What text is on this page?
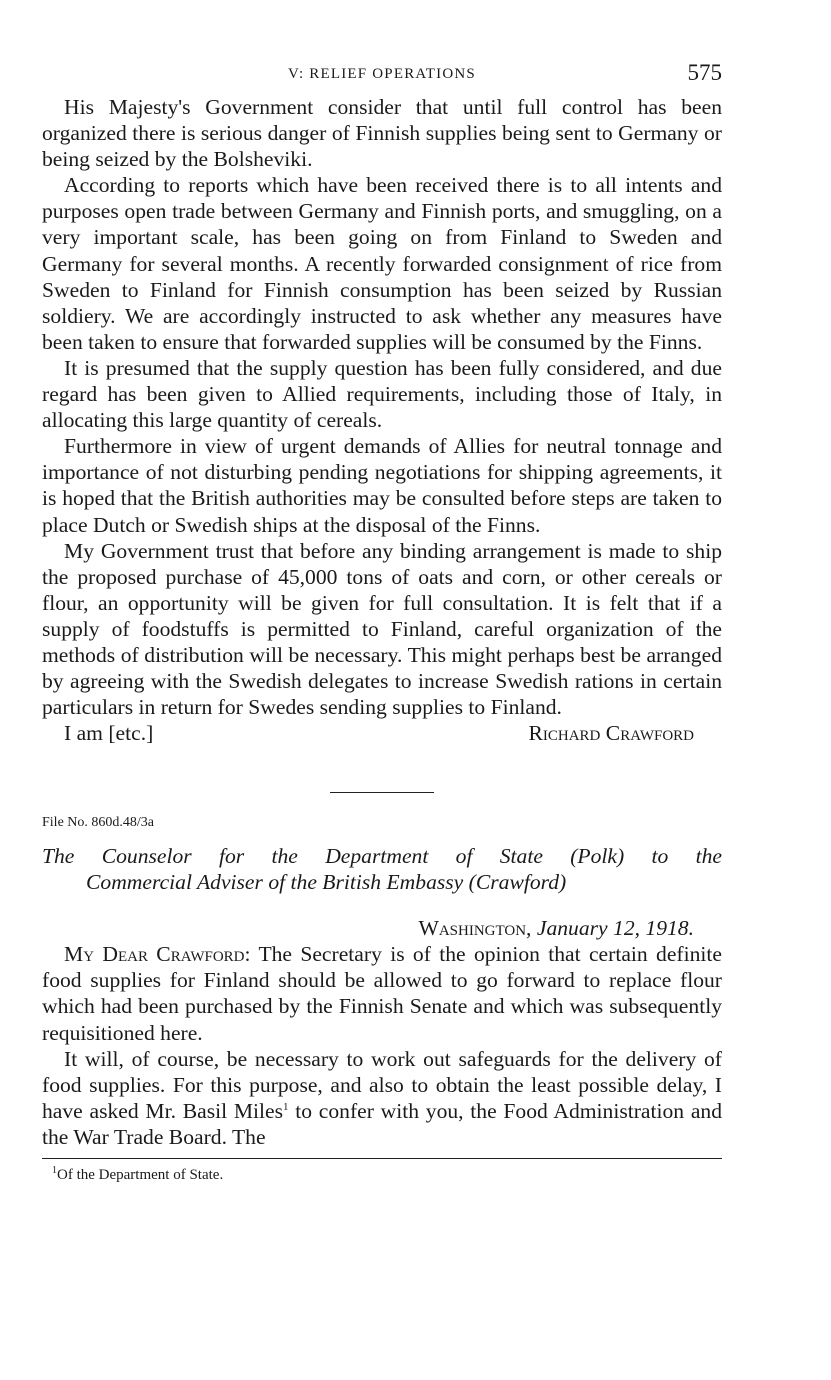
V: RELIEF OPERATIONS	575

His Majesty's Government consider that until full control has been organized there is serious danger of Finnish supplies being sent to Germany or being seized by the Bolsheviki.

According to reports which have been received there is to all intents and purposes open trade between Germany and Finnish ports, and smuggling, on a very important scale, has been going on from Finland to Sweden and Germany for several months. A recently forwarded consignment of rice from Sweden to Finland for Finnish consumption has been seized by Russian soldiery. We are accordingly instructed to ask whether any measures have been taken to ensure that forwarded supplies will be consumed by the Finns.

It is presumed that the supply question has been fully considered, and due regard has been given to Allied requirements, including those of Italy, in allocating this large quantity of cereals.

Furthermore in view of urgent demands of Allies for neutral tonnage and importance of not disturbing pending negotiations for shipping agreements, it is hoped that the British authorities may be consulted before steps are taken to place Dutch or Swedish ships at the disposal of the Finns.

My Government trust that before any binding arrangement is made to ship the proposed purchase of 45,000 tons of oats and corn, or other cereals or flour, an opportunity will be given for full consultation. It is felt that if a supply of foodstuffs is permitted to Finland, careful organization of the methods of distribution will be necessary. This might perhaps best be arranged by agreeing with the Swedish delegates to increase Swedish rations in certain particulars in return for Swedes sending supplies to Finland.

I am [etc.]	Richard Crawford
File No. 860d.48/3a
The Counselor for the Department of State (Polk) to the
Commercial Adviser of the British Embassy (Crawford)
Washington, January 12, 1918.

My Dear Crawford: The Secretary is of the opinion that certain definite food supplies for Finland should be allowed to go forward to replace flour which had been purchased by the Finnish Senate and which was subsequently requisitioned here.

It will, of course, be necessary to work out safeguards for the delivery of food supplies. For this purpose, and also to obtain the least possible delay, I have asked Mr. Basil Miles$^1$ to confer with you, the Food Administration and the War Trade Board. The

$^1$Of the Department of State.
